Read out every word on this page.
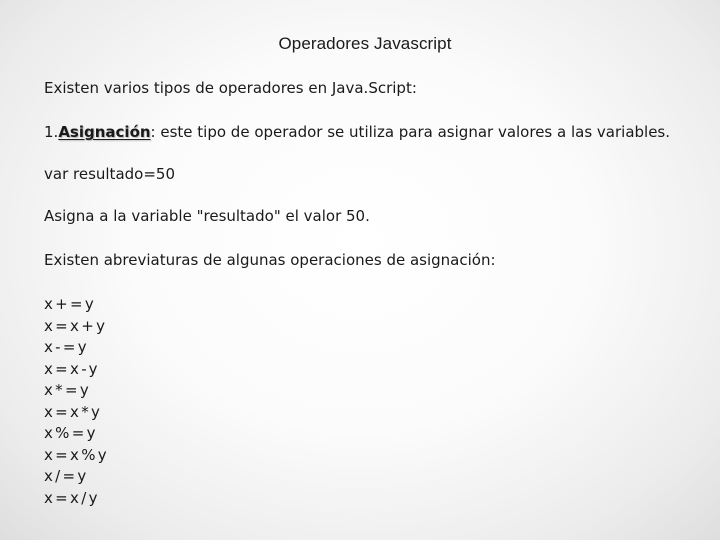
Operadores Javascript
Existen varios tipos de operadores en Java.Script:
1.Asignación: este tipo de operador se utiliza para asignar valores a las variables.
var resultado=50
Asigna a la variable "resultado" el valor 50.
Existen abreviaturas de algunas operaciones de asignación:
x+=y
x=x+y
x-=y
x=x-y
x*=y
x=x*y
x%=y
x=x%y
x/=y
x=x/y
